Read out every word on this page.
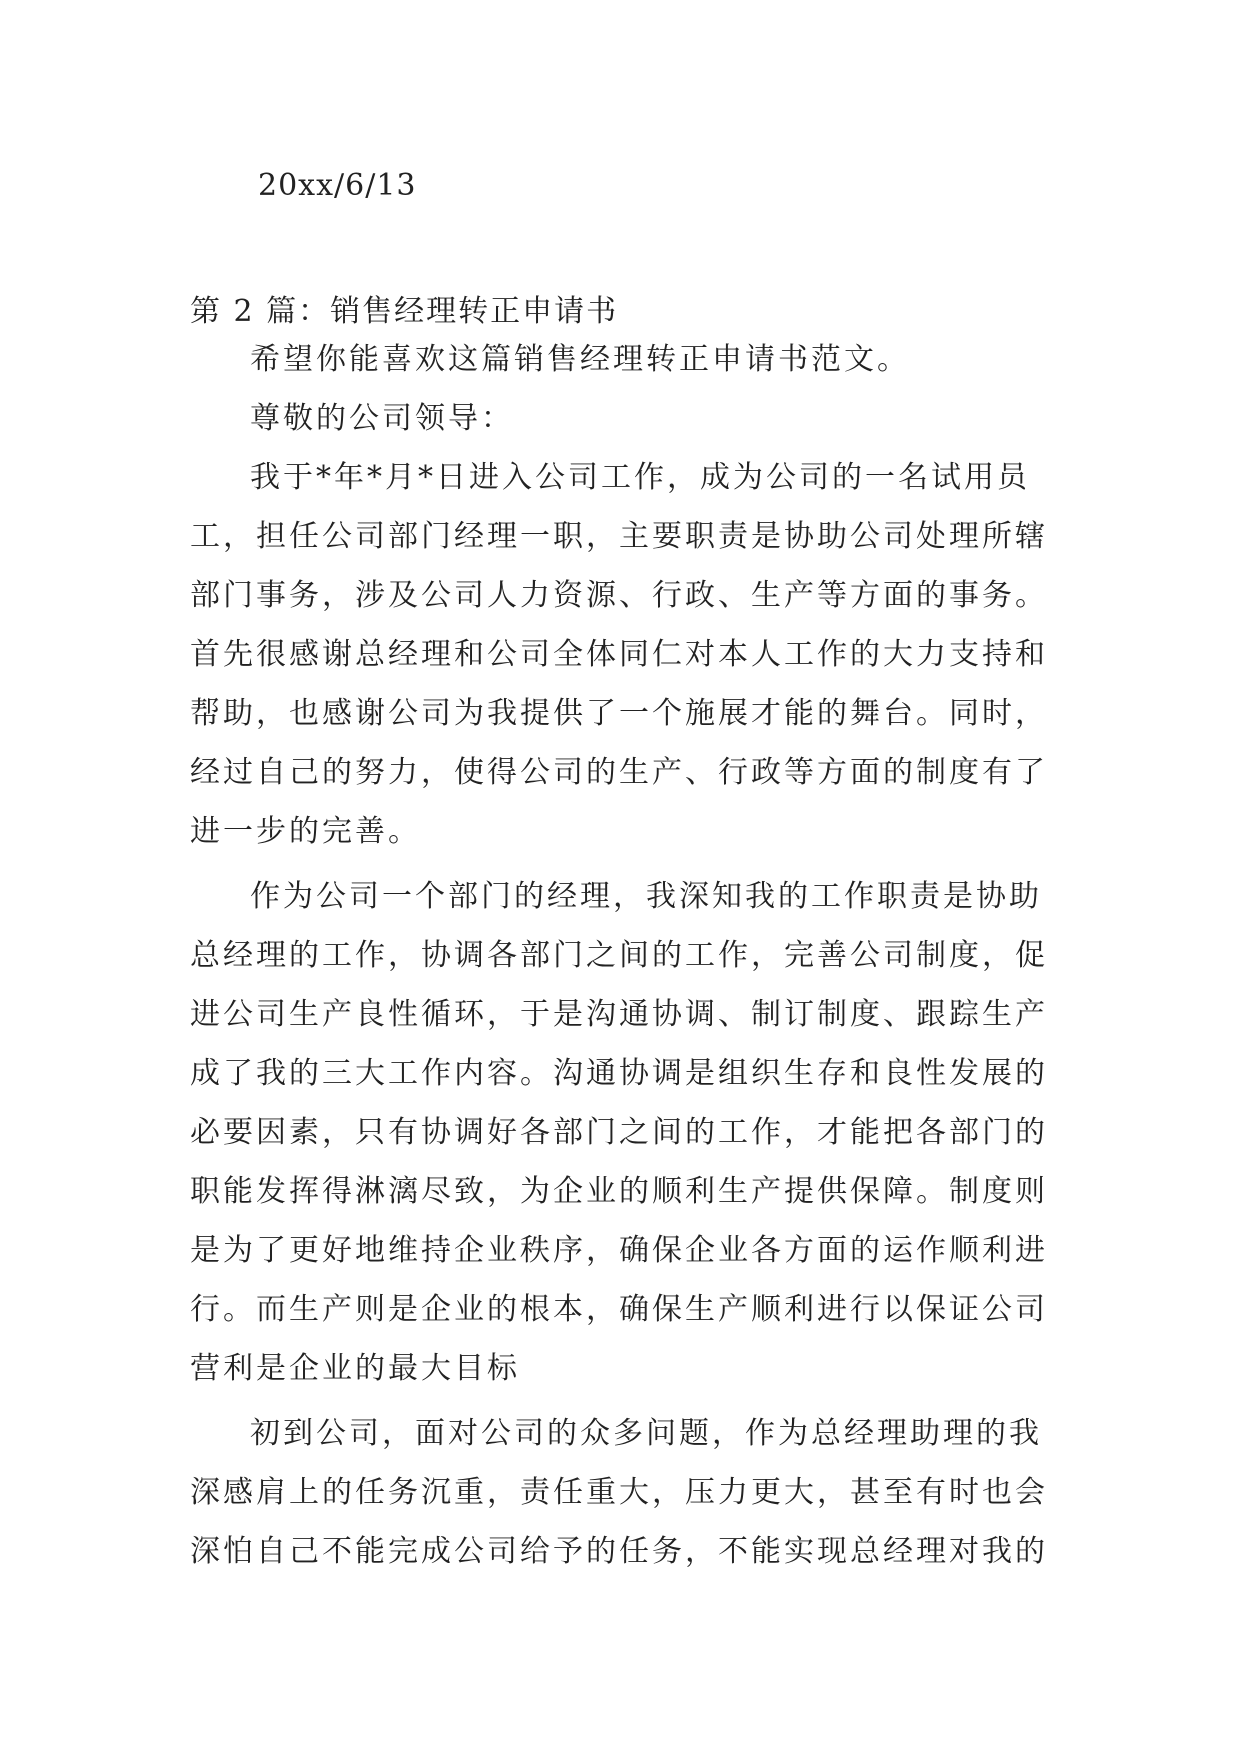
20xx/6/13

第 2 篇：销售经理转正申请书

希望你能喜欢这篇销售经理转正申请书范文。

尊敬的公司领导：

我于*年*月*日进入公司工作，成为公司的一名试用员工，担任公司部门经理一职，主要职责是协助公司处理所辖部门事务，涉及公司人力资源、行政、生产等方面的事务。首先很感谢总经理和公司全体同仁对本人工作的大力支持和帮助，也感谢公司为我提供了一个施展才能的舞台。同时，经过自己的努力，使得公司的生产、行政等方面的制度有了进一步的完善。

作为公司一个部门的经理，我深知我的工作职责是协助总经理的工作，协调各部门之间的工作，完善公司制度，促进公司生产良性循环，于是沟通协调、制订制度、跟踪生产成了我的三大工作内容。沟通协调是组织生存和良性发展的必要因素，只有协调好各部门之间的工作，才能把各部门的职能发挥得淋漓尽致，为企业的顺利生产提供保障。制度则是为了更好地维持企业秩序，确保企业各方面的运作顺利进行。而生产则是企业的根本，确保生产顺利进行以保证公司营利是企业的最大目标

初到公司，面对公司的众多问题，作为总经理助理的我深感肩上的任务沉重，责任重大，压力更大，甚至有时也会深怕自己不能完成公司给予的任务，不能实现总经理对我的
